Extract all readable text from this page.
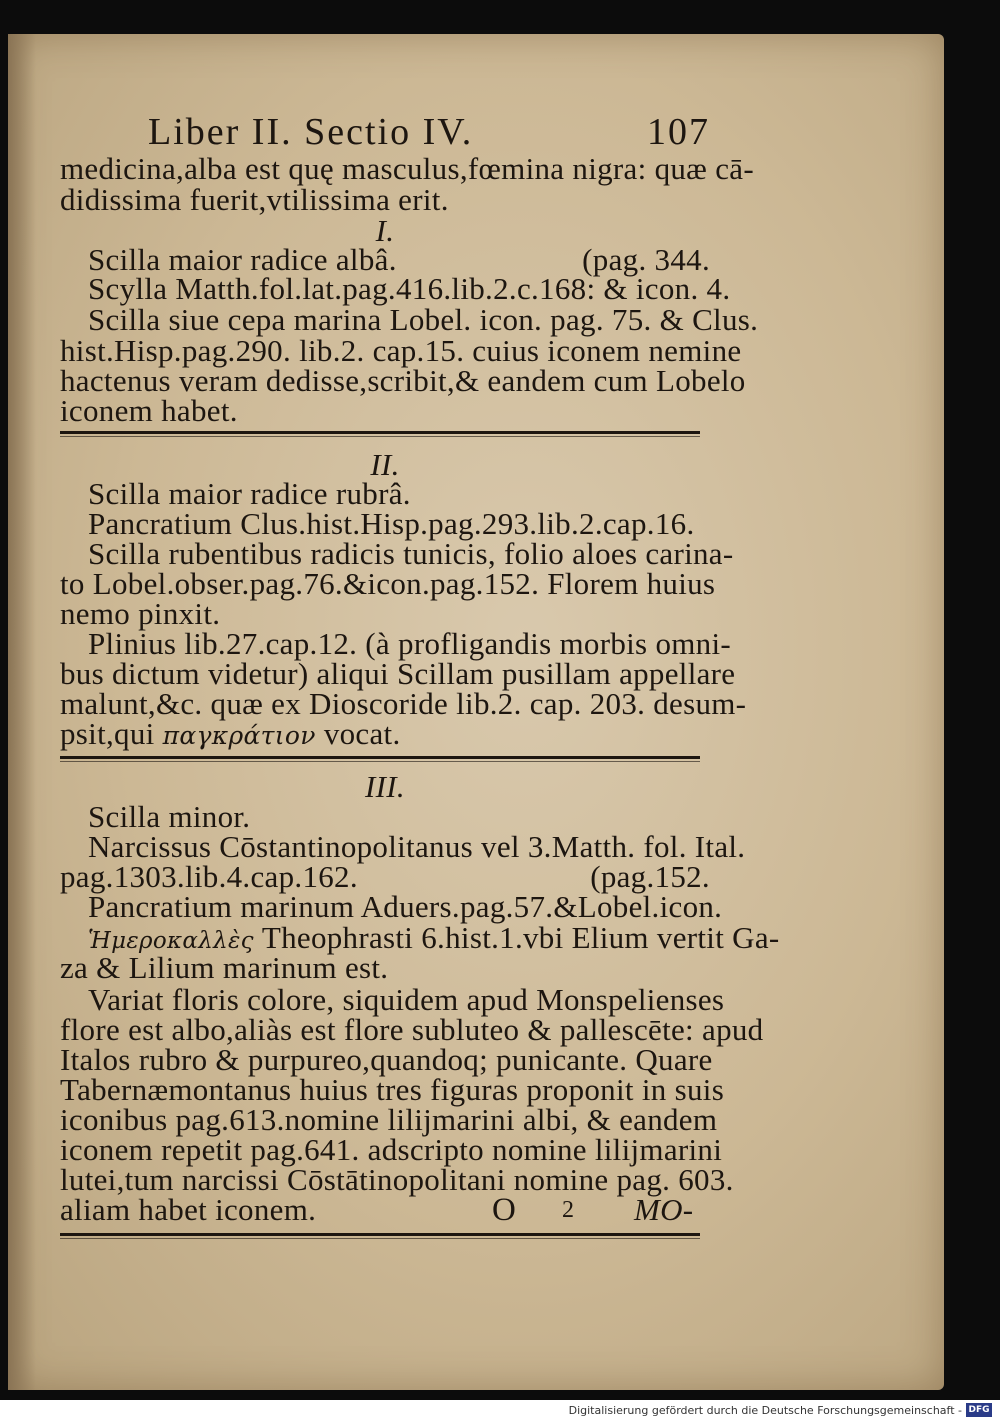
Liber II. Sectio IV.	107
medicina,alba est quę masculus,fœmina nigra: quæ cā-
didissima fuerit,vtilissima erit.
I.
Scilla maior radice albâ.	(pag. 344.
Scylla Matth.fol.lat.pag.416.lib.2.c.168: & icon. 4.
Scilla siue cepa marina Lobel. icon. pag. 75. & Clus.
hist.Hisp.pag.290. lib.2. cap.15. cuius iconem nemine
hactenus veram dedisse,scribit,& eandem cum Lobelo
iconem habet.
II.
Scilla maior radice rubrâ.
Pancratium Clus.hist.Hisp.pag.293.lib.2.cap.16.
Scilla rubentibus radicis tunicis, folio aloes carina-
to Lobel.obser.pag.76.&icon.pag.152. Florem huius
nemo pinxit.
Plinius lib.27.cap.12. (à profligandis morbis omni-
bus dictum videtur) aliqui Scillam pusillam appellare
malunt,&c. quæ ex Dioscoride lib.2. cap. 203. desum-
psit,qui παγκράτιον vocat.
III.
Scilla minor.
Narcissus Cōstantinopolitanus vel 3.Matth. fol. Ital.
pag.1303.lib.4.cap.162.	(pag.152.
Pancratium marinum Aduers.pag.57.&Lobel.icon.
Ἡμεροκαλλὲς Theophrasti 6.hist.1.vbi Elium vertit Ga-
za & Lilium marinum est.
Variat floris colore, siquidem apud Monspelienses
flore est albo,aliàs est flore subluteo & pallescēte: apud
Italos rubro & purpureo,quandoq; punicante. Quare
Tabernæmontanus huius tres figuras proponit in suis
iconibus pag.613.nomine lilijmarini albi, & eandem
iconem repetit pag.641. adscripto nomine lilijmarini
lutei,tum narcissi Cōstātinopolitani nomine pag. 603.
aliam habet iconem.	O 2 MO-
Digitalisierung gefördert durch die Deutsche Forschungsgemeinschaft - DFG
